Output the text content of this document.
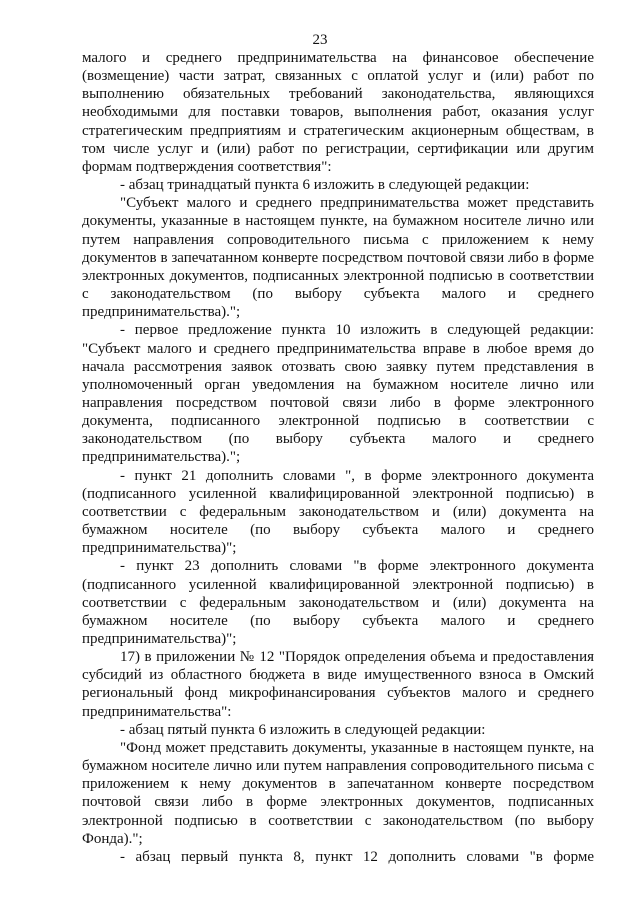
23

малого и среднего предпринимательства на финансовое обеспечение (возмещение) части затрат, связанных с оплатой услуг и (или) работ по выполнению обязательных требований законодательства, являющихся необходимыми для поставки товаров, выполнения работ, оказания услуг стратегическим предприятиям и стратегическим акционерным обществам, в том числе услуг и (или) работ по регистрации, сертификации или другим формам подтверждения соответствия":

- абзац тринадцатый пункта 6 изложить в следующей редакции:

"Субъект малого и среднего предпринимательства может представить документы, указанные в настоящем пункте, на бумажном носителе лично или путем направления сопроводительного письма с приложением к нему документов в запечатанном конверте посредством почтовой связи либо в форме электронных документов, подписанных электронной подписью в соответствии с законодательством (по выбору субъекта малого и среднего предпринимательства).";

- первое предложение пункта 10 изложить в следующей редакции: "Субъект малого и среднего предпринимательства вправе в любое время до начала рассмотрения заявок отозвать свою заявку путем представления в уполномоченный орган уведомления на бумажном носителе лично или направления посредством почтовой связи либо в форме электронного документа, подписанного электронной подписью в соответствии с законодательством (по выбору субъекта малого и среднего предпринимательства).";

- пункт 21 дополнить словами ", в форме электронного документа (подписанного усиленной квалифицированной электронной подписью) в соответствии с федеральным законодательством и (или) документа на бумажном носителе (по выбору субъекта малого и среднего предпринимательства)";

- пункт 23 дополнить словами "в форме электронного документа (подписанного усиленной квалифицированной электронной подписью) в соответствии с федеральным законодательством и (или) документа на бумажном носителе (по выбору субъекта малого и среднего предпринимательства)";

17) в приложении № 12 "Порядок определения объема и предоставления субсидий из областного бюджета в виде имущественного взноса в Омский региональный фонд микрофинансирования субъектов малого и среднего предпринимательства":

- абзац пятый пункта 6 изложить в следующей редакции:

"Фонд может представить документы, указанные в настоящем пункте, на бумажном носителе лично или путем направления сопроводительного письма с приложением к нему документов в запечатанном конверте посредством почтовой связи либо в форме электронных документов, подписанных электронной подписью в соответствии с законодательством (по выбору Фонда).";

- абзац первый пункта 8, пункт 12 дополнить словами "в форме
